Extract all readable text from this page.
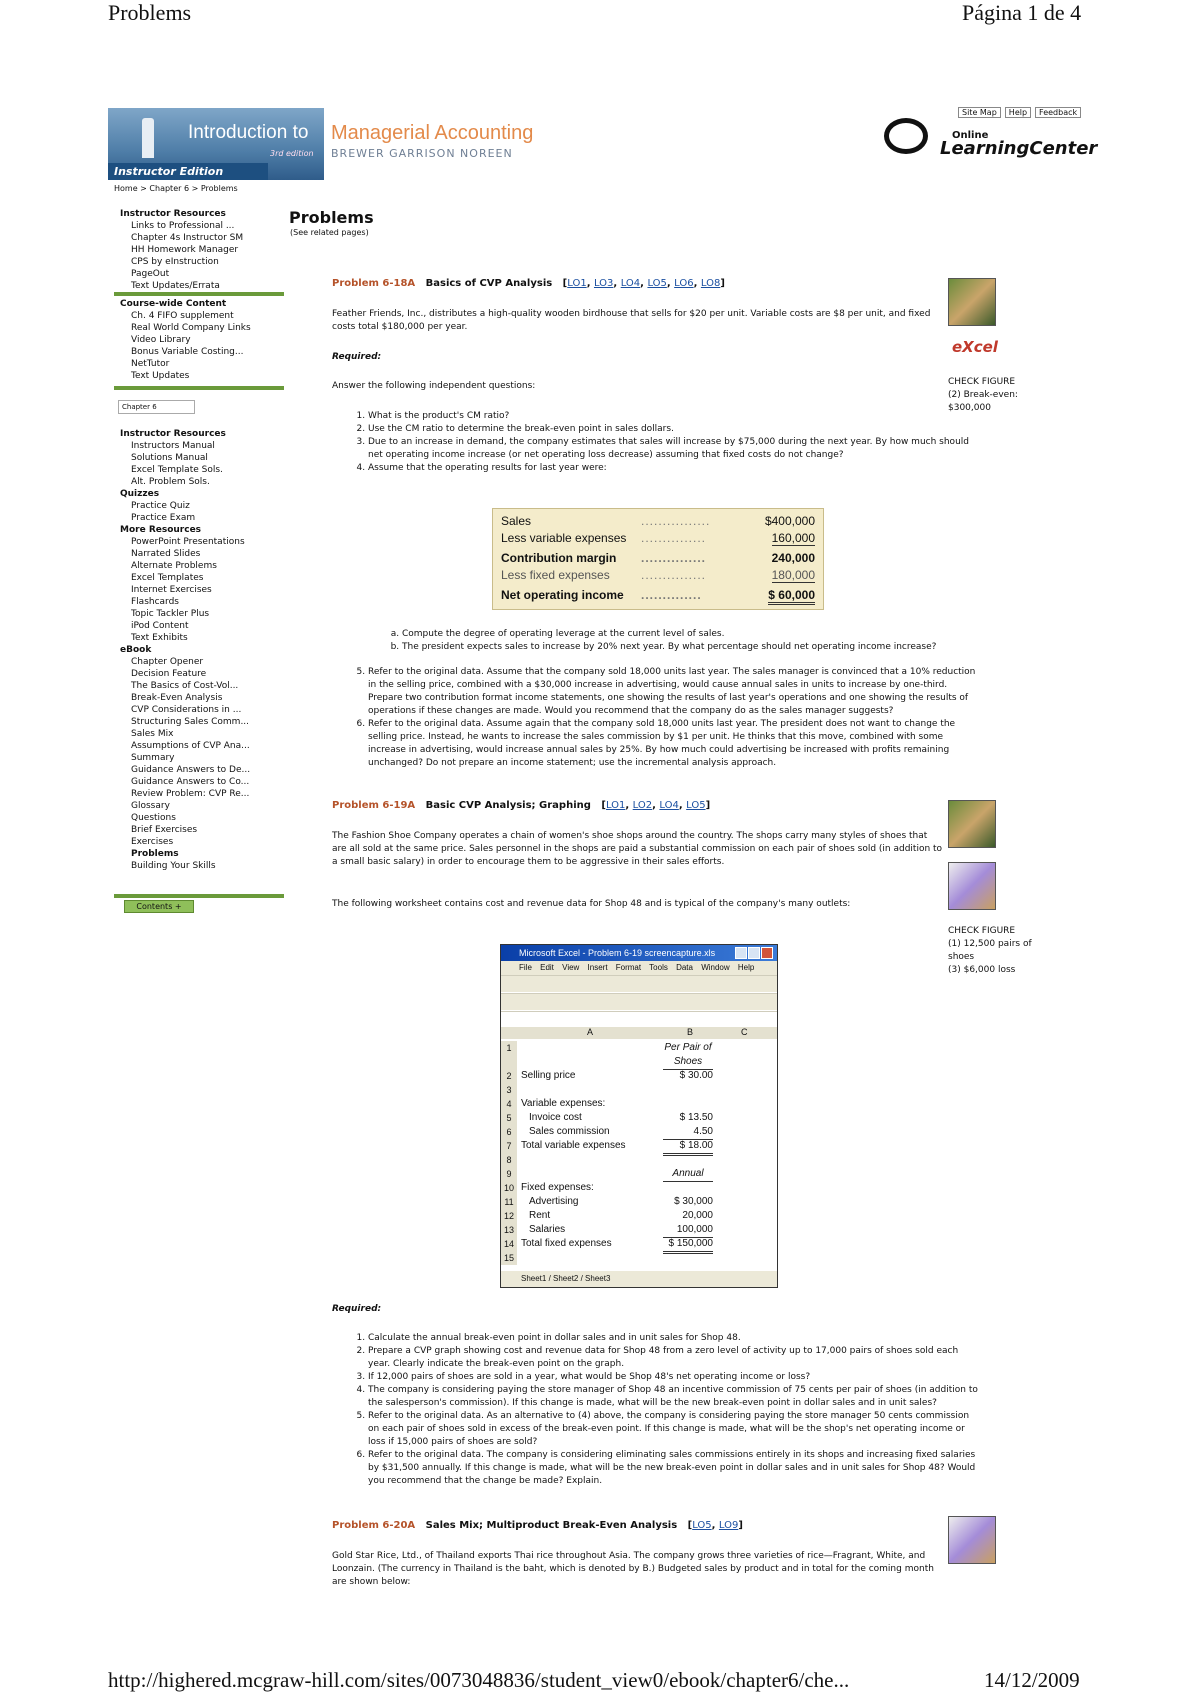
Problems	Página 1 de 4
Introduction to
3rd edition
Managerial Accounting
BREWER GARRISON NOREEN
Instructor Edition
Site Map Help Feedback
Online
LearningCenter
Home > Chapter 6 > Problems
Instructor Resources
Links to Professional ...
Chapter 4s Instructor SM
HH Homework Manager
CPS by eInstruction
PageOut
Text Updates/Errata
Course-wide Content
Ch. 4 FIFO supplement
Real World Company Links
Video Library
Bonus Variable Costing...
NetTutor
Text Updates
Chapter 6
Instructor Resources
Instructors Manual
Solutions Manual
Excel Template Sols.
Alt. Problem Sols.
Quizzes
Practice Quiz
Practice Exam
More Resources
PowerPoint Presentations
Narrated Slides
Alternate Problems
Excel Templates
Internet Exercises
Flashcards
Topic Tackler Plus
iPod Content
Text Exhibits
eBook
Chapter Opener
Decision Feature
The Basics of Cost-Vol...
Break-Even Analysis
CVP Considerations in ...
Structuring Sales Comm...
Sales Mix
Assumptions of CVP Ana...
Summary
Guidance Answers to De...
Guidance Answers to Co...
Review Problem: CVP Re...
Glossary
Questions
Brief Exercises
Exercises
Problems
Building Your Skills
Contents +
Problems
(See related pages)
Problem 6-18A Basics of CVP Analysis   [LO1, LO3, LO4, LO5, LO6, LO8]
Feather Friends, Inc., distributes a high-quality wooden birdhouse that sells for $20 per unit. Variable costs are $8 per unit, and fixed costs total $180,000 per year.
eXcel
Required:
CHECK FIGURE
(2) Break-even:
$300,000
Answer the following independent questions:
1. What is the product's CM ratio?
2. Use the CM ratio to determine the break-even point in sales dollars.
3. Due to an increase in demand, the company estimates that sales will increase by $75,000 during the next year. By how much should net operating income increase (or net operating loss decrease) assuming that fixed costs do not change?
4. Assume that the operating results for last year were:
Sales	................	$400,000
Less variable expenses ...............	160,000
Contribution margin ...............	240,000
Less fixed expenses	...............	180,000
Net operating income ..............	$ 60,000
a. Compute the degree of operating leverage at the current level of sales.
b. The president expects sales to increase by 20% next year. By what percentage should net operating income increase?
5. Refer to the original data. Assume that the company sold 18,000 units last year. The sales manager is convinced that a 10% reduction in the selling price, combined with a $30,000 increase in advertising, would cause annual sales in units to increase by one-third. Prepare two contribution format income statements, one showing the results of last year's operations and one showing the results of operations if these changes are made. Would you recommend that the company do as the sales manager suggests?
6. Refer to the original data. Assume again that the company sold 18,000 units last year. The president does not want to change the selling price. Instead, he wants to increase the sales commission by $1 per unit. He thinks that this move, combined with some increase in advertising, would increase annual sales by 25%. By how much could advertising be increased with profits remaining unchanged? Do not prepare an income statement; use the incremental analysis approach.
Problem 6-19A Basic CVP Analysis; Graphing   [LO1, LO2, LO4, LO5]
The Fashion Shoe Company operates a chain of women's shoe shops around the country. The shops carry many styles of shoes that are all sold at the same price. Sales personnel in the shops are paid a substantial commission on each pair of shoes sold (in addition to a small basic salary) in order to encourage them to be aggressive in their sales efforts.
The following worksheet contains cost and revenue data for Shop 48 and is typical of the company's many outlets:
CHECK FIGURE
(1) 12,500 pairs of
shoes
(3) $6,000 loss
Microsoft Excel - Problem 6-19 screencapture.xls
File Edit View Insert Format Tools Data Window Help
A	B	C
1	Per Pair of
Shoes
2 Selling price	$ 30.00
3
4 Variable expenses:
5	Invoice cost	$ 13.50
6	Sales commission	4.50
7 Total variable expenses	$ 18.00
8
9	Annual
10 Fixed expenses:
11	Advertising	$ 30,000
12	Rent	20,000
13	Salaries	100,000
14 Total fixed expenses	$ 150,000
15
Sheet1 / Sheet2 / Sheet3
Required:
1. Calculate the annual break-even point in dollar sales and in unit sales for Shop 48.
2. Prepare a CVP graph showing cost and revenue data for Shop 48 from a zero level of activity up to 17,000 pairs of shoes sold each year. Clearly indicate the break-even point on the graph.
3. If 12,000 pairs of shoes are sold in a year, what would be Shop 48's net operating income or loss?
4. The company is considering paying the store manager of Shop 48 an incentive commission of 75 cents per pair of shoes (in addition to the salesperson's commission). If this change is made, what will be the new break-even point in dollar sales and in unit sales?
5. Refer to the original data. As an alternative to (4) above, the company is considering paying the store manager 50 cents commission on each pair of shoes sold in excess of the break-even point. If this change is made, what will be the shop's net operating income or loss if 15,000 pairs of shoes are sold?
6. Refer to the original data. The company is considering eliminating sales commissions entirely in its shops and increasing fixed salaries by $31,500 annually. If this change is made, what will be the new break-even point in dollar sales and in unit sales for Shop 48? Would you recommend that the change be made? Explain.
Problem 6-20A Sales Mix; Multiproduct Break-Even Analysis   [LO5, LO9]
Gold Star Rice, Ltd., of Thailand exports Thai rice throughout Asia. The company grows three varieties of rice—Fragrant, White, and Loonzain. (The currency in Thailand is the baht, which is denoted by B.) Budgeted sales by product and in total for the coming month are shown below:
http://highered.mcgraw-hill.com/sites/0073048836/student_view0/ebook/chapter6/che...	14/12/2009
